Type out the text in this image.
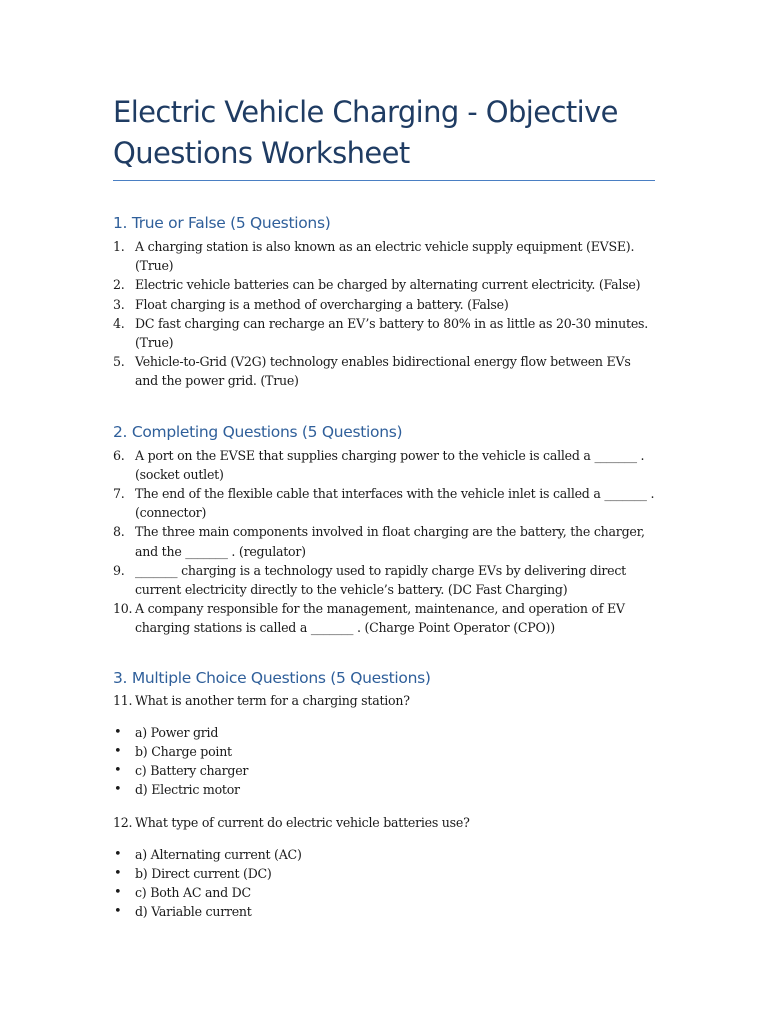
Electric Vehicle Charging - Objective Questions Worksheet
1. True or False (5 Questions)
1. A charging station is also known as an electric vehicle supply equipment (EVSE). (True)
2. Electric vehicle batteries can be charged by alternating current electricity. (False)
3. Float charging is a method of overcharging a battery. (False)
4. DC fast charging can recharge an EV’s battery to 80% in as little as 20-30 minutes. (True)
5. Vehicle-to-Grid (V2G) technology enables bidirectional energy flow between EVs and the power grid. (True)
2. Completing Questions (5 Questions)
6. A port on the EVSE that supplies charging power to the vehicle is called a _______ . (socket outlet)
7. The end of the flexible cable that interfaces with the vehicle inlet is called a _______ . (connector)
8. The three main components involved in float charging are the battery, the charger, and the _______ . (regulator)
9. _______ charging is a technology used to rapidly charge EVs by delivering direct current electricity directly to the vehicle’s battery. (DC Fast Charging)
10. A company responsible for the management, maintenance, and operation of EV charging stations is called a _______ . (Charge Point Operator (CPO))
3. Multiple Choice Questions (5 Questions)
11. What is another term for a charging station?
• a) Power grid
• b) Charge point
• c) Battery charger
• d) Electric motor
12. What type of current do electric vehicle batteries use?
• a) Alternating current (AC)
• b) Direct current (DC)
• c) Both AC and DC
• d) Variable current
